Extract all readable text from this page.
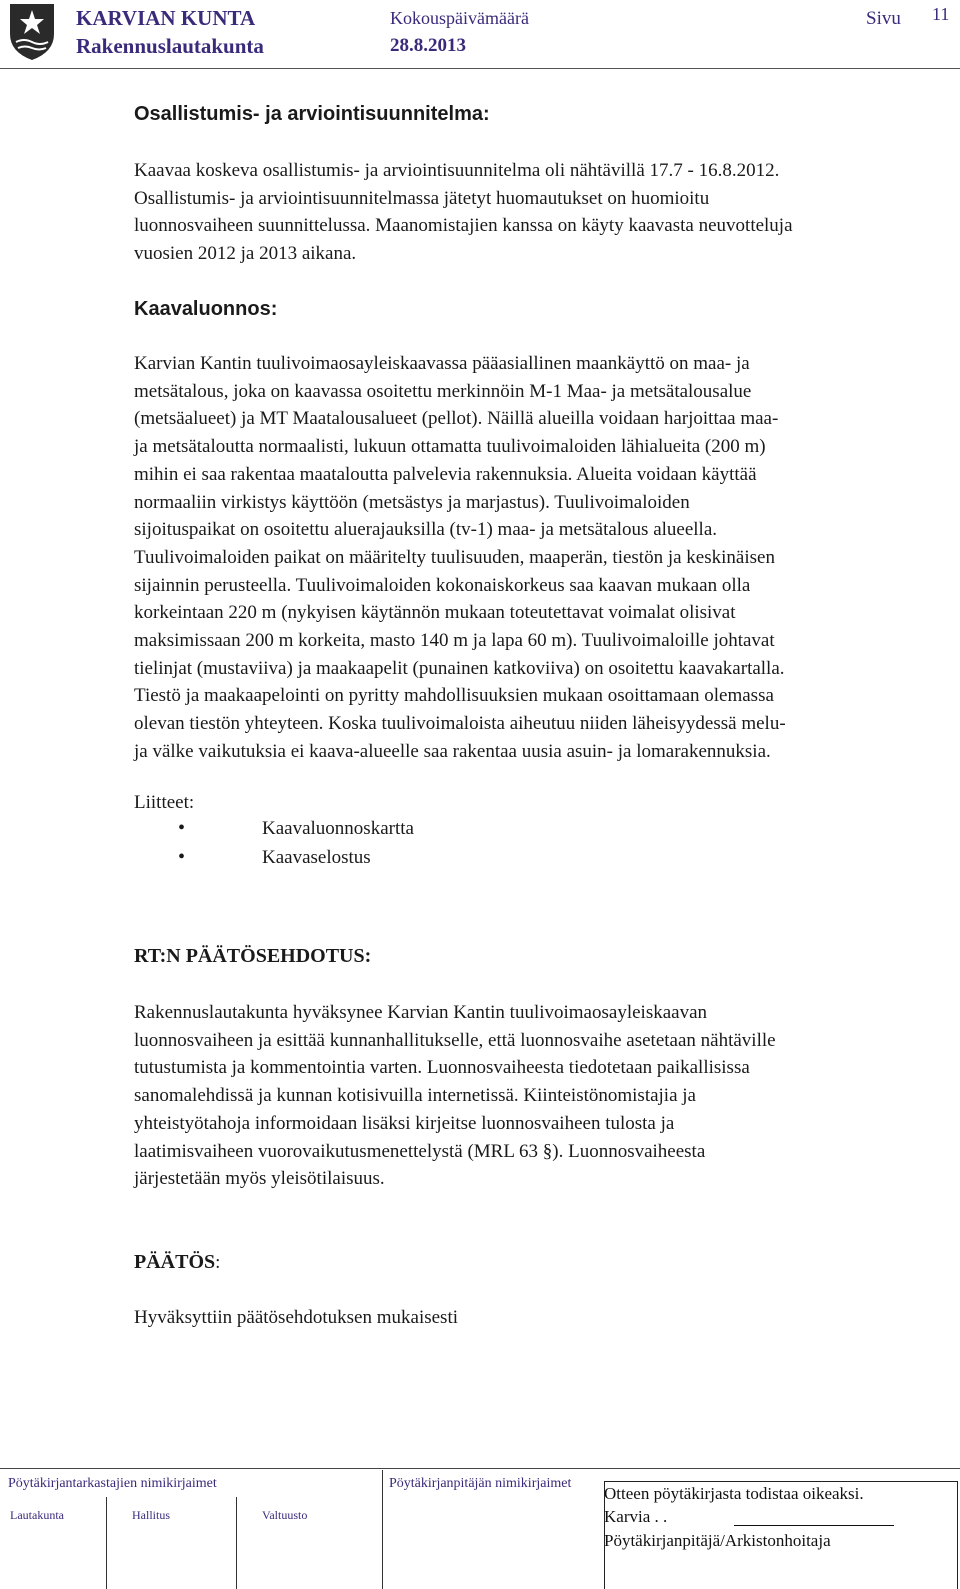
KARVIAN KUNTA
Rakennuslautakunta
Kokouspäivämäärä
28.8.2013
Sivu 11
Osallistumis- ja arviointisuunnitelma:
Kaavaa koskeva osallistumis- ja arviointisuunnitelma oli nähtävillä 17.7 - 16.8.2012.
Osallistumis- ja arviointisuunnitelmassa jätetyt huomautukset on huomioitu
luonnosvaiheen suunnittelussa. Maanomistajien kanssa on käyty kaavasta neuvotteluja
vuosien 2012 ja 2013 aikana.
Kaavaluonnos:
Karvian Kantin tuulivoimaosayleiskaavassa pääasiallinen maankäyttö on maa- ja
metsätalous, joka on kaavassa osoitettu merkinnöin M-1 Maa- ja metsätalousalue
(metsäalueet) ja MT Maatalousalueet (pellot). Näillä alueilla voidaan harjoittaa maa-
ja metsätaloutta normaalisti, lukuun ottamatta tuulivoimaloiden lähialueita (200 m)
mihin ei saa rakentaa maataloutta palvelevia rakennuksia. Alueita voidaan käyttää
normaaliin virkistys käyttöön (metsästys ja marjastus). Tuulivoimaloiden
sijoituspaikat on osoitettu aluerajauksilla (tv-1) maa- ja metsätalous alueella.
Tuulivoimaloiden paikat on määritelty tuulisuuden, maaperän, tiestön ja keskinäisen
sijainnin perusteella. Tuulivoimaloiden kokonaiskorkeus saa kaavan mukaan olla
korkeintaan 220 m (nykyisen käytännön mukaan toteutettavat voimalat olisivat
maksimissaan 200 m korkeita, masto 140 m ja lapa 60 m). Tuulivoimaloille johtavat
tielinjat (mustaviiva) ja maakaapelit (punainen katkoviiva) on osoitettu kaavakartalla.
Tiestö ja maakaapelointi on pyritty mahdollisuuksien mukaan osoittamaan olemassa
olevan tiestön yhteyteen. Koska tuulivoimaloista aiheutuu niiden läheisyydessä melu-
ja välke vaikutuksia ei kaava-alueelle saa rakentaa uusia asuin- ja lomarakennuksia.
Liitteet:
•	Kaavaluonnoskartta
•	Kaavaselostus
RT:N PÄÄTÖSEHDOTUS:
Rakennuslautakunta hyväksynee Karvian Kantin tuulivoimaosayleiskaavan
luonnosvaiheen ja esittää kunnanhallitukselle, että luonnosvaihe asetetaan nähtäville
tutustumista ja kommentointia varten. Luonnosvaiheesta tiedotetaan paikallisissa
sanomalehdissä ja kunnan kotisivuilla internetissä. Kiinteistönomistajia ja
yhteistyötahoja informoidaan lisäksi kirjeitse luonnosvaiheen tulosta ja
laatimisvaiheen vuorovaikutusmenettelystä (MRL 63 §). Luonnosvaiheesta
järjestetään myös yleisötilaisuus.
PÄÄTÖS:
Hyväksyttiin päätösehdotuksen mukaisesti
Pöytäkirjantarkastajien nimikirjaimet	Pöytäkirjanpitäjän nimikirjaimet
Lautakunta	Hallitus	Valtuusto
Otteen pöytäkirjasta todistaa oikeaksi.
Karvia . .
Pöytäkirjanpitäjä/Arkistonhoitaja
